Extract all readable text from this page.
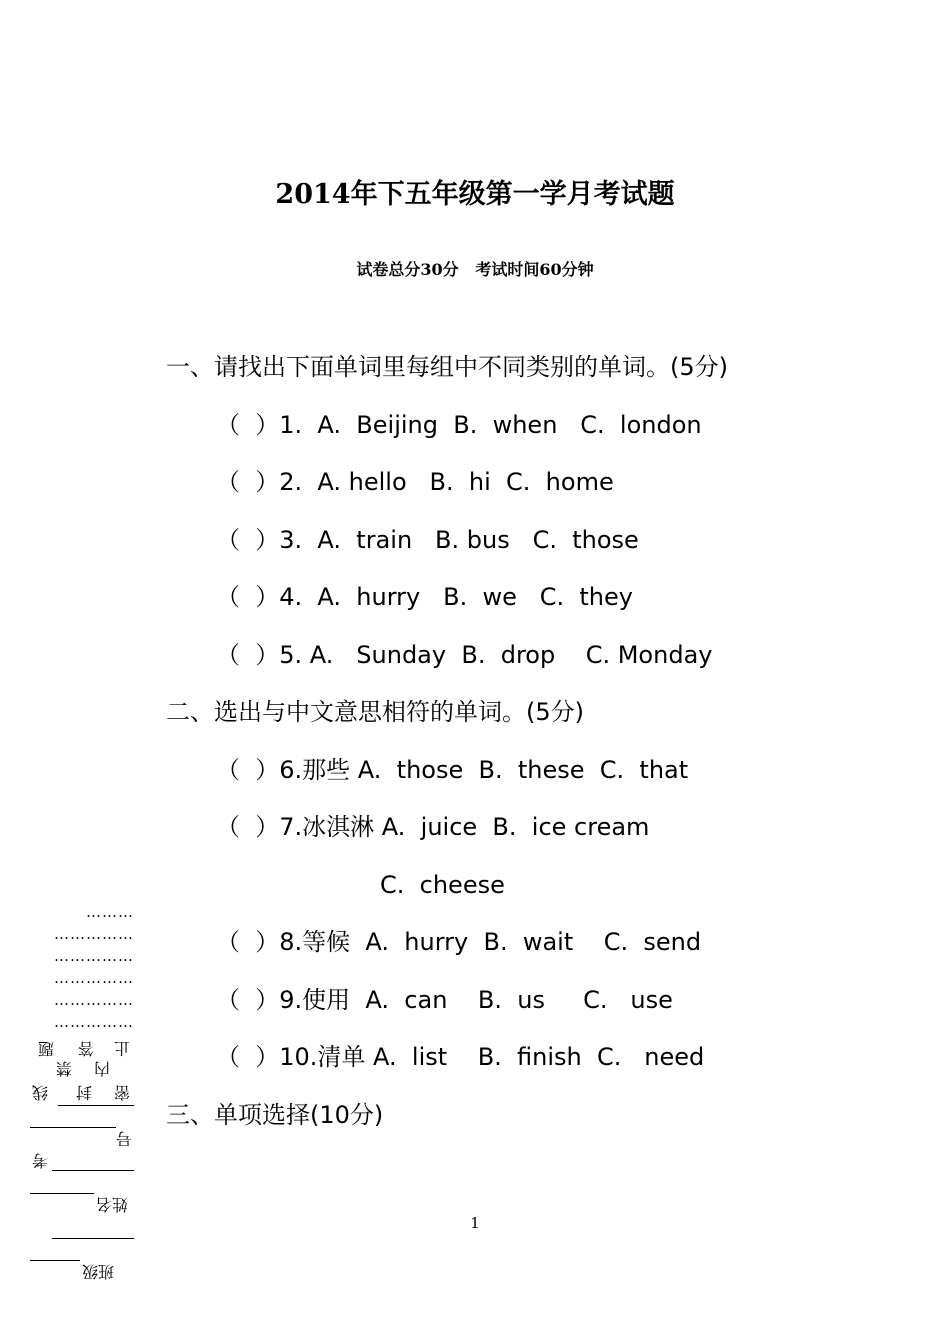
2014年下五年级第一学月考试题
试卷总分30分   考试时间60分钟
一、请找出下面单词里每组中不同类别的单词。(5分)
（  ）1.  A.  Beijing  B.  when   C.  london
（  ）2.  A. hello   B.  hi  C.  home
（  ）3.  A.  train   B. bus   C.  those
（  ）4.  A.  hurry   B.  we   C.  they
（  ）5. A.   Sunday  B.  drop    C. Monday
二、选出与中文意思相符的单词。(5分)
（  ）6.那些 A.  those  B.  these  C.  that
（  ）7.冰淇淋 A.  juice  B.  ice cream
C.  cheese
（  ）8.等候  A.  hurry  B.  wait    C.  send
（  ）9.使用  A.  can    B.  us     C.   use
（  ）10.清单 A.  list    B.  finish  C.   need
三、单项选择(10分)
………
……………
……………
……………
……………
……………
止
答
题
内
禁
密
封
线
号
考
姓名
班级
1
